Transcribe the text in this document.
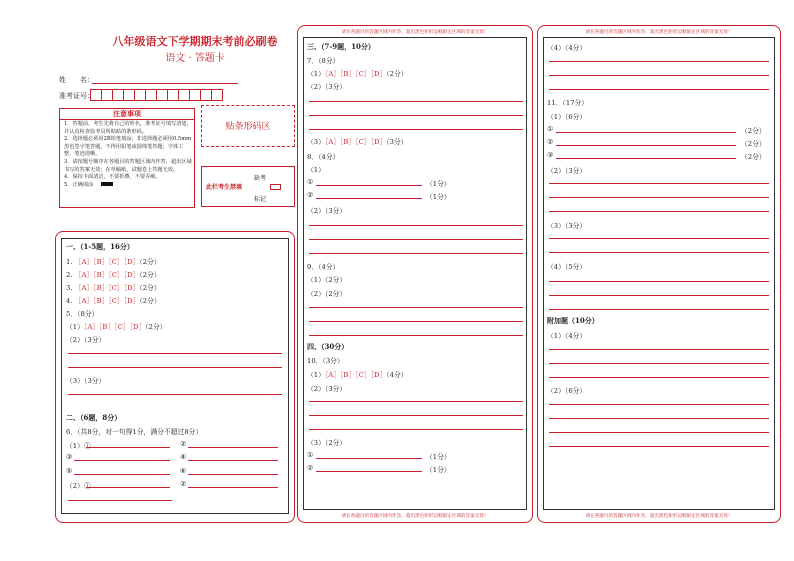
八年级语文下学期期末考前必刷卷
语文 · 答题卡
姓　　名：
准考证号：
注意事项
1．答题前，考生先将自己的姓名，准考证号填写清楚，并认真检查监考员所粘贴的条形码。
2．选择题必须用2B铅笔填涂；非选择题必须用0.5mm黑色签字笔答题，不得用铅笔或圆珠笔答题；字体工整、笔迹清晰。
3．请按题号顺序在各题目的答题区域内作答，超出区域书写的答案无效；在草稿纸、试题卷上答题无效。
4．保持卡面清洁，不要折叠、不要弄破。
5．正确填涂
贴条形码区
此栏考生禁填
缺考
标记
一、（1-5题，16分）
1. ［A］［B］［C］［D］（2分）
2. ［A］［B］［C］［D］（2分）
3. ［A］［B］［C］［D］（2分）
4. ［A］［B］［C］［D］（2分）
5．（8分）
（1）［A］［B］［C］［D］（2分）
（2）（3分）
（3）（3分）
二、（6题，8分）
6．（共8分，对一句得1分，满分不超过8分）
（1）①	②
③	④
⑤	⑥
（2）①	②
请在各题目的答题区域内作答，超出黑色矩形边框限定区域的答案无效！
三、（7-9题，10分）
7．（8分）
（1）［A］［B］［C］［D］（2分）
（2）（3分）
（3）［A］［B］［C］［D］（3分）
8．（4分）
（1）
①	（1分）
②	（1分）
（2）（3分）
9．（4分）
（1）（2分）
（2）（2分）
四、（30分）
10．（3分）
（1）［A］［B］［C］［D］（4分）
（2）（3分）
（3）（2分）
①	（1分）
②	（1分）
请在各题目的答题区域内作答，超出黑色矩形边框限定区域的答案无效！
请在各题目的答题区域内作答，超出黑色矩形边框限定区域的答案无效！
（4）（4分）
11．（17分）
（1）（6分）
①	（2分）
②	（2分）
③	（2分）
（2）（3分）
（3）（3分）
（4）（5分）
附加题（10分）
（1）（4分）
（2）（6分）
请在各题目的答题区域内作答，超出黑色矩形边框限定区域的答案无效！
